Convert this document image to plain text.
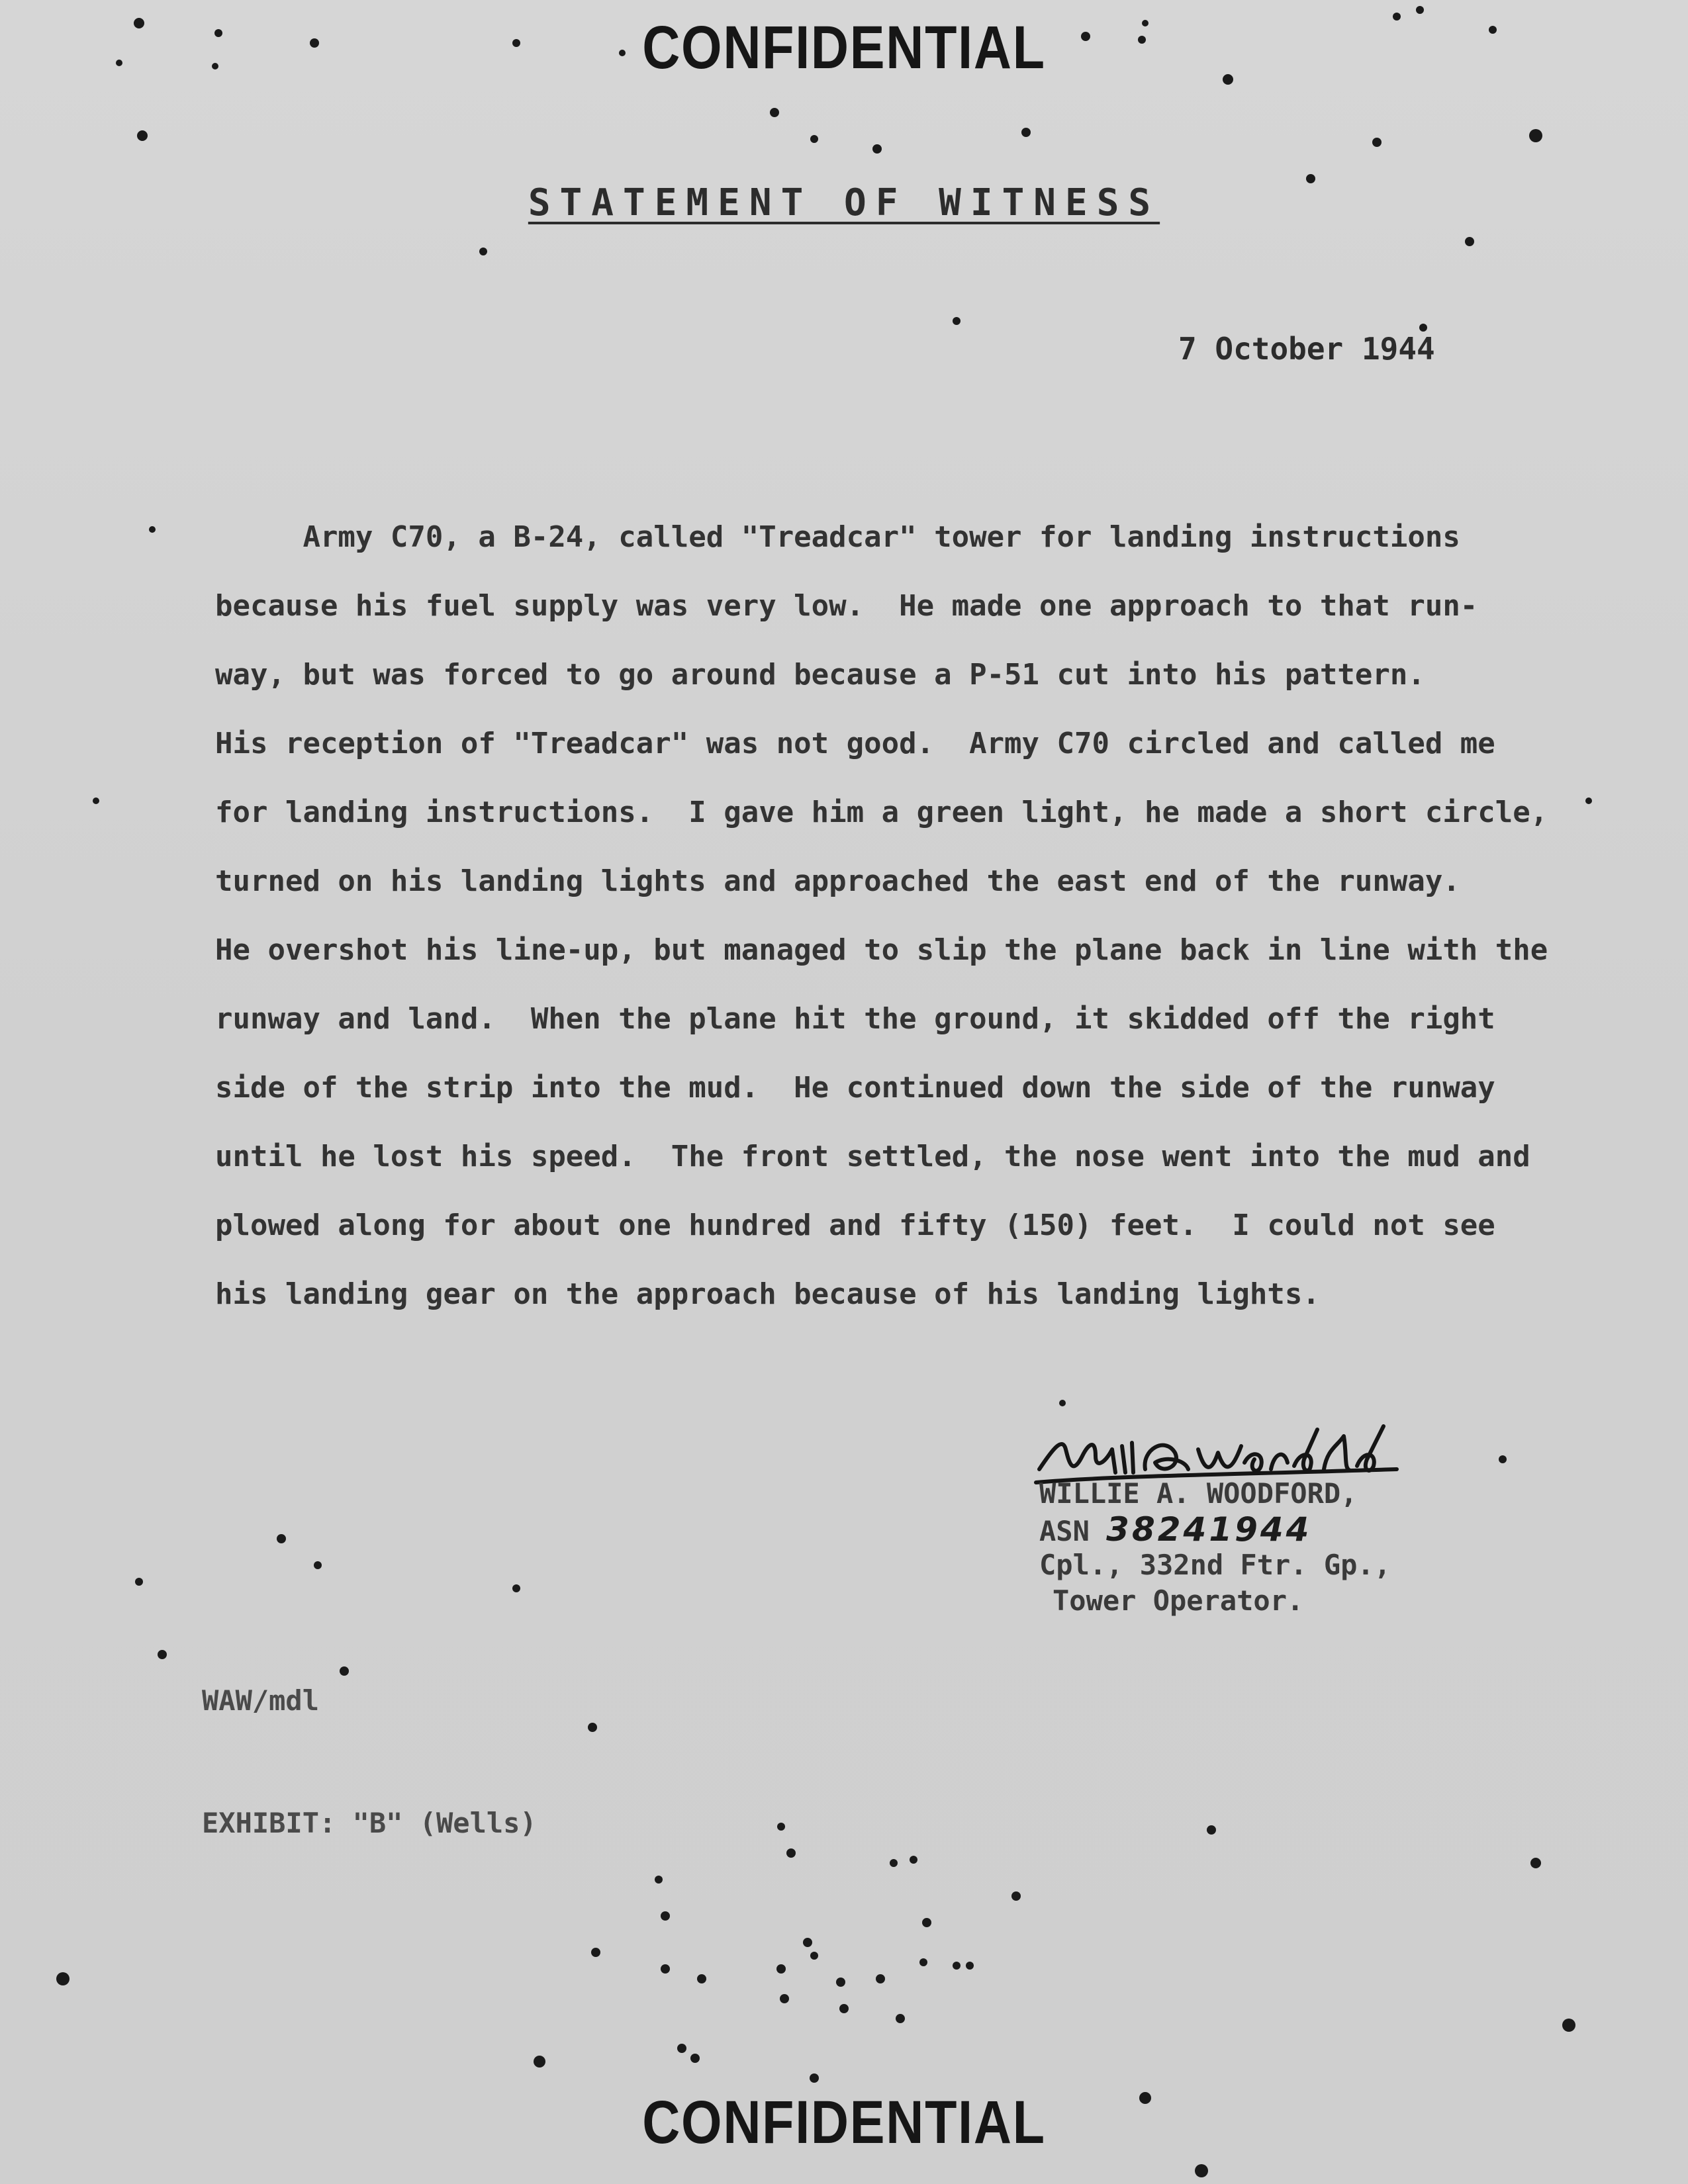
CONFIDENTIAL
STATEMENT OF WITNESS
7 October 1944
Army C70, a B-24, called "Treadcar" tower for landing instructions
because his fuel supply was very low.  He made one approach to that run-
way, but was forced to go around because a P-51 cut into his pattern.
His reception of "Treadcar" was not good.  Army C70 circled and called me
for landing instructions.  I gave him a green light, he made a short circle,
turned on his landing lights and approached the east end of the runway.
He overshot his line-up, but managed to slip the plane back in line with the
runway and land.  When the plane hit the ground, it skidded off the right
side of the strip into the mud.  He continued down the side of the runway
until he lost his speed.  The front settled, the nose went into the mud and
plowed along for about one hundred and fifty (150) feet.  I could not see
his landing gear on the approach because of his landing lights.
WILLIE A. WOODFORD,
ASN 38241944
Cpl., 332nd Ftr. Gp.,
Tower Operator.
WAW/mdl
EXHIBIT: "B" (Wells)
CONFIDENTIAL
